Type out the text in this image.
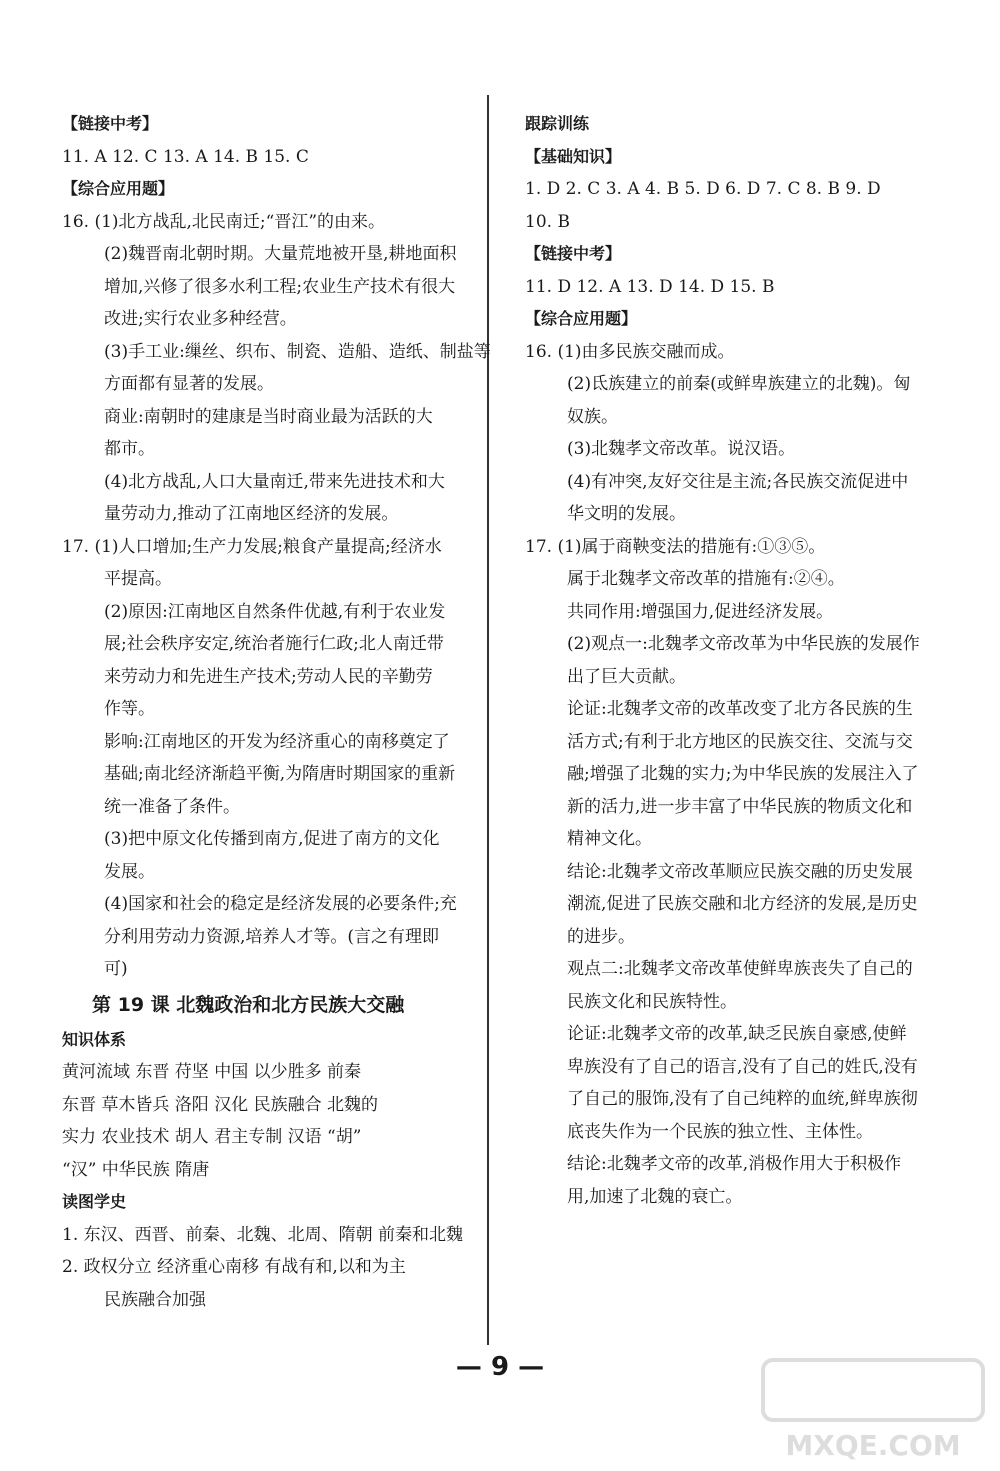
【链接中考】
11. A 12. C 13. A 14. B 15. C
【综合应用题】
16. (1)北方战乱,北民南迁;“晋江”的由来。
(2)魏晋南北朝时期。大量荒地被开垦,耕地面积
增加,兴修了很多水利工程;农业生产技术有很大
改进;实行农业多种经营。
(3)手工业:缫丝、织布、制瓷、造船、造纸、制盐等
方面都有显著的发展。
商业:南朝时的建康是当时商业最为活跃的大
都市。
(4)北方战乱,人口大量南迁,带来先进技术和大
量劳动力,推动了江南地区经济的发展。
17. (1)人口增加;生产力发展;粮食产量提高;经济水
平提高。
(2)原因:江南地区自然条件优越,有利于农业发
展;社会秩序安定,统治者施行仁政;北人南迁带
来劳动力和先进生产技术;劳动人民的辛勤劳
作等。
影响:江南地区的开发为经济重心的南移奠定了
基础;南北经济渐趋平衡,为隋唐时期国家的重新
统一准备了条件。
(3)把中原文化传播到南方,促进了南方的文化
发展。
(4)国家和社会的稳定是经济发展的必要条件;充
分利用劳动力资源,培养人才等。(言之有理即
可)
第 19 课 北魏政治和北方民族大交融
知识体系
黄河流域 东晋 苻坚 中国 以少胜多 前秦
东晋 草木皆兵 洛阳 汉化 民族融合 北魏的
实力 农业技术 胡人 君主专制 汉语 “胡”
“汉” 中华民族 隋唐
读图学史
1. 东汉、西晋、前秦、北魏、北周、隋朝 前秦和北魏
2. 政权分立 经济重心南移 有战有和,以和为主
民族融合加强
跟踪训练
【基础知识】
1. D 2. C 3. A 4. B 5. D 6. D 7. C 8. B 9. D
10. B
【链接中考】
11. D 12. A 13. D 14. D 15. B
【综合应用题】
16. (1)由多民族交融而成。
(2)氐族建立的前秦(或鲜卑族建立的北魏)。匈
奴族。
(3)北魏孝文帝改革。说汉语。
(4)有冲突,友好交往是主流;各民族交流促进中
华文明的发展。
17. (1)属于商鞅变法的措施有:①③⑤。
属于北魏孝文帝改革的措施有:②④。
共同作用:增强国力,促进经济发展。
(2)观点一:北魏孝文帝改革为中华民族的发展作
出了巨大贡献。
论证:北魏孝文帝的改革改变了北方各民族的生
活方式;有利于北方地区的民族交往、交流与交
融;增强了北魏的实力;为中华民族的发展注入了
新的活力,进一步丰富了中华民族的物质文化和
精神文化。
结论:北魏孝文帝改革顺应民族交融的历史发展
潮流,促进了民族交融和北方经济的发展,是历史
的进步。
观点二:北魏孝文帝改革使鲜卑族丧失了自己的
民族文化和民族特性。
论证:北魏孝文帝的改革,缺乏民族自豪感,使鲜
卑族没有了自己的语言,没有了自己的姓氏,没有
了自己的服饰,没有了自己纯粹的血统,鲜卑族彻
底丧失作为一个民族的独立性、主体性。
结论:北魏孝文帝的改革,消极作用大于积极作
用,加速了北魏的衰亡。
— 9 —
MXQE.COM
